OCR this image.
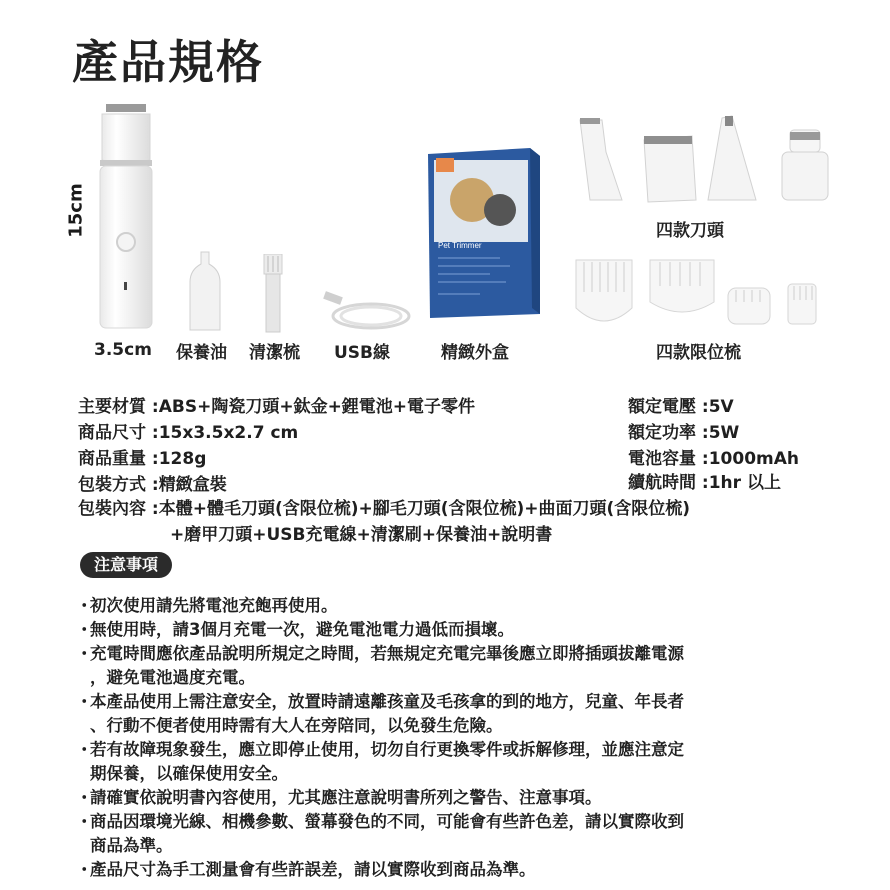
產品規格
15cm
Pet Trimmer
3.5cm 保養油 清潔梳 USB線	精緻外盒
四款刀頭
四款限位梳
主要材質 :ABS+陶瓷刀頭+鈦金+鋰電池+電子零件
商品尺寸 :15x3.5x2.7 cm
商品重量 :128g
包裝方式 :精緻盒裝
包裝內容 :本體+體毛刀頭(含限位梳)+腳毛刀頭(含限位梳)+曲面刀頭(含限位梳)
+磨甲刀頭+USB充電線+清潔刷+保養油+說明書
額定電壓 :5V
額定功率 :5W
電池容量 :1000mAh
續航時間 :1hr 以上
注意事項
・
初次使用請先將電池充飽再使用。
・
無使用時，請3個月充電一次，避免電池電力過低而損壞。
・
充電時間應依產品說明所規定之時間，若無規定充電完畢後應立即將插頭拔離電源
，避免電池過度充電。
・
本產品使用上需注意安全，放置時請遠離孩童及毛孩拿的到的地方，兒童、年長者
、行動不便者使用時需有大人在旁陪同，以免發生危險。
・
若有故障現象發生，應立即停止使用，切勿自行更換零件或拆解修理，並應注意定
期保養，以確保使用安全。
・
請確實依說明書內容使用，尤其應注意說明書所列之警告、注意事項。
・
商品因環境光線、相機參數、螢幕發色的不同，可能會有些許色差，請以實際收到
商品為準。
・
產品尺寸為手工測量會有些許誤差，請以實際收到商品為準。
